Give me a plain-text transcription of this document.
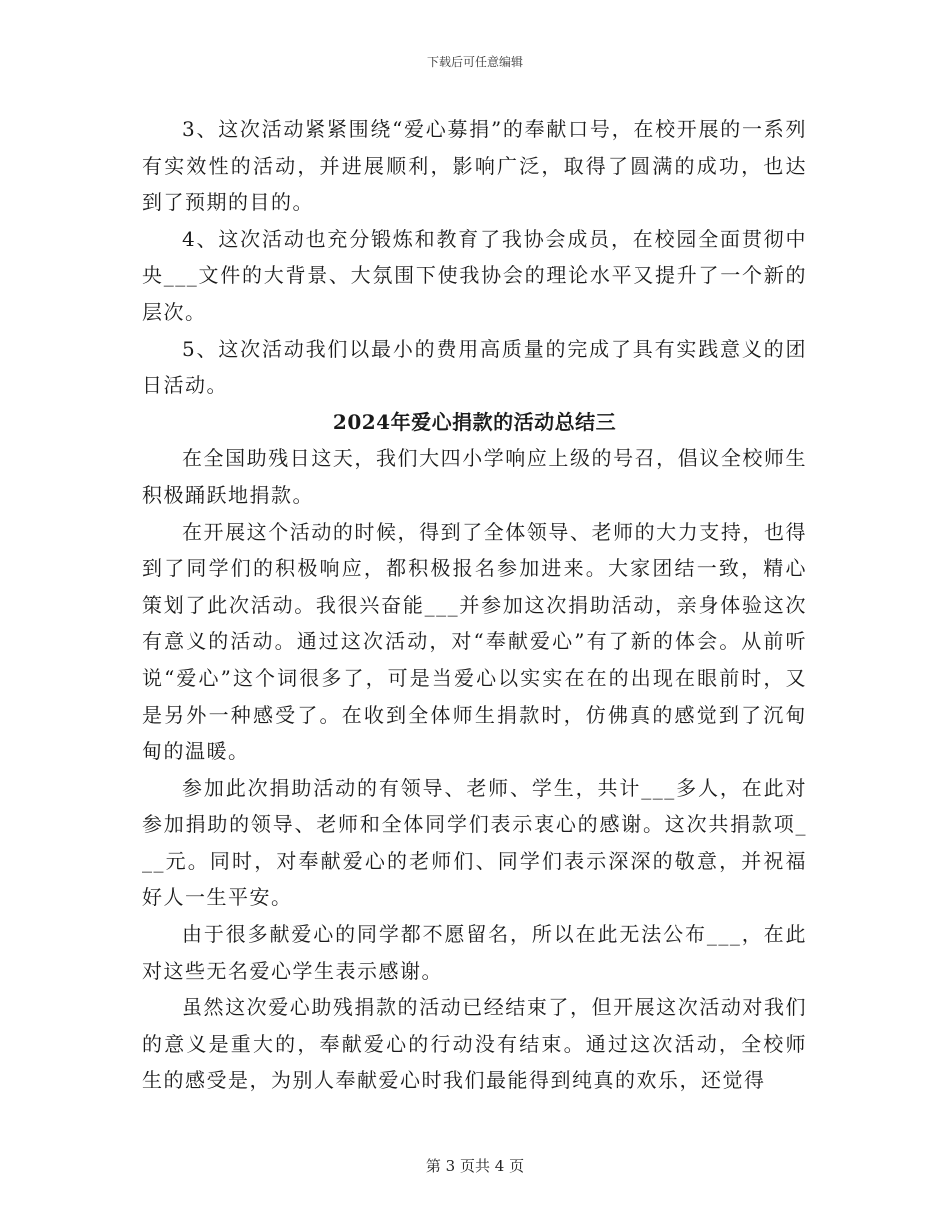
下载后可任意编辑

3、这次活动紧紧围绕“爱心募捐”的奉献口号，在校开展的一系列有实效性的活动，并进展顺利，影响广泛，取得了圆满的成功，也达到了预期的目的。

4、这次活动也充分锻炼和教育了我协会成员，在校园全面贯彻中央___文件的大背景、大氛围下使我协会的理论水平又提升了一个新的层次。

5、这次活动我们以最小的费用高质量的完成了具有实践意义的团日活动。

2024年爱心捐款的活动总结三

在全国助残日这天，我们大四小学响应上级的号召，倡议全校师生积极踊跃地捐款。

在开展这个活动的时候，得到了全体领导、老师的大力支持，也得到了同学们的积极响应，都积极报名参加进来。大家团结一致，精心策划了此次活动。我很兴奋能___并参加这次捐助活动，亲身体验这次有意义的活动。通过这次活动，对“奉献爱心”有了新的体会。从前听说“爱心”这个词很多了，可是当爱心以实实在在的出现在眼前时，又是另外一种感受了。在收到全体师生捐款时，仿佛真的感觉到了沉甸甸的温暖。

参加此次捐助活动的有领导、老师、学生，共计___多人，在此对参加捐助的领导、老师和全体同学们表示衷心的感谢。这次共捐款项___元。同时，对奉献爱心的老师们、同学们表示深深的敬意，并祝福好人一生平安。

由于很多献爱心的同学都不愿留名，所以在此无法公布___，在此对这些无名爱心学生表示感谢。

虽然这次爱心助残捐款的活动已经结束了，但开展这次活动对我们的意义是重大的，奉献爱心的行动没有结束。通过这次活动，全校师生的感受是，为别人奉献爱心时我们最能得到纯真的欢乐，还觉得

第 3 页共 4 页
